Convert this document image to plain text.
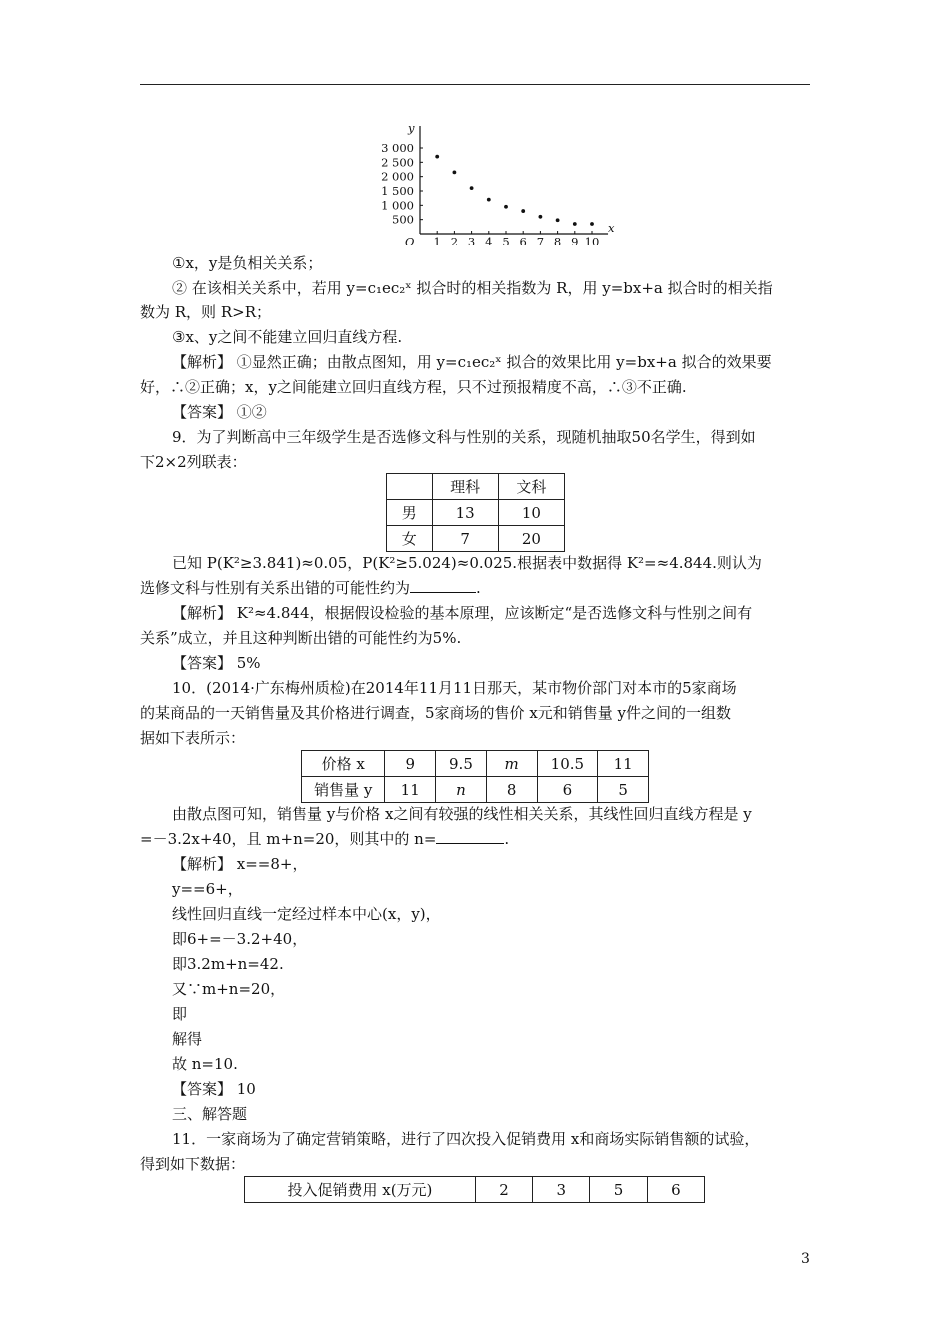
x
y
O 1 2 3 4 5 6 7 8 9 10
500
1 000
1 500
2 000
2 500
3 000
①x，y是负相关关系；
② 在该相关关系中，若用 y=c₁ec₂ˣ 拟合时的相关指数为 R，用 y=bx+a 拟合时的相关指
数为 R，则 R>R；
③x、y之间不能建立回归直线方程.
【解析】 ①显然正确；由散点图知，用 y=c₁ec₂ˣ 拟合的效果比用 y=bx+a 拟合的效果要
好，∴②正确；x，y之间能建立回归直线方程，只不过预报精度不高，∴③不正确.
【答案】 ①②
9．为了判断高中三年级学生是否选修文科与性别的关系，现随机抽取50名学生，得到如
下2×2列联表：
	理科	文科
男	13	10
女	7	20
已知 P(K²≥3.841)≈0.05，P(K²≥5.024)≈0.025.根据表中数据得 K²=≈4.844.则认为
选修文科与性别有关系出错的可能性约为	.
【解析】 K²≈4.844，根据假设检验的基本原理，应该断定“是否选修文科与性别之间有
关系”成立，并且这种判断出错的可能性约为5%.
【答案】 5%
10．(2014·广东梅州质检)在2014年11月11日那天，某市物价部门对本市的5家商场
的某商品的一天销售量及其价格进行调查，5家商场的售价 x元和销售量 y件之间的一组数
据如下表所示：
价格 x	9	9.5	m	10.5	11
销售量 y	11	n	8	6	5
由散点图可知，销售量 y与价格 x之间有较强的线性相关关系，其线性回归直线方程是 y
=－3.2x+40，且 m+n=20，则其中的 n=	.
【解析】 x==8+，
y==6+，
线性回归直线一定经过样本中心(x，y)，
即6+=－3.2+40，
即3.2m+n=42.
又∵m+n=20，
即
解得
故 n=10.
【答案】 10
三、解答题
11．一家商场为了确定营销策略，进行了四次投入促销费用 x和商场实际销售额的试验，
得到如下数据：
投入促销费用 x(万元)	2	3	5	6
3
